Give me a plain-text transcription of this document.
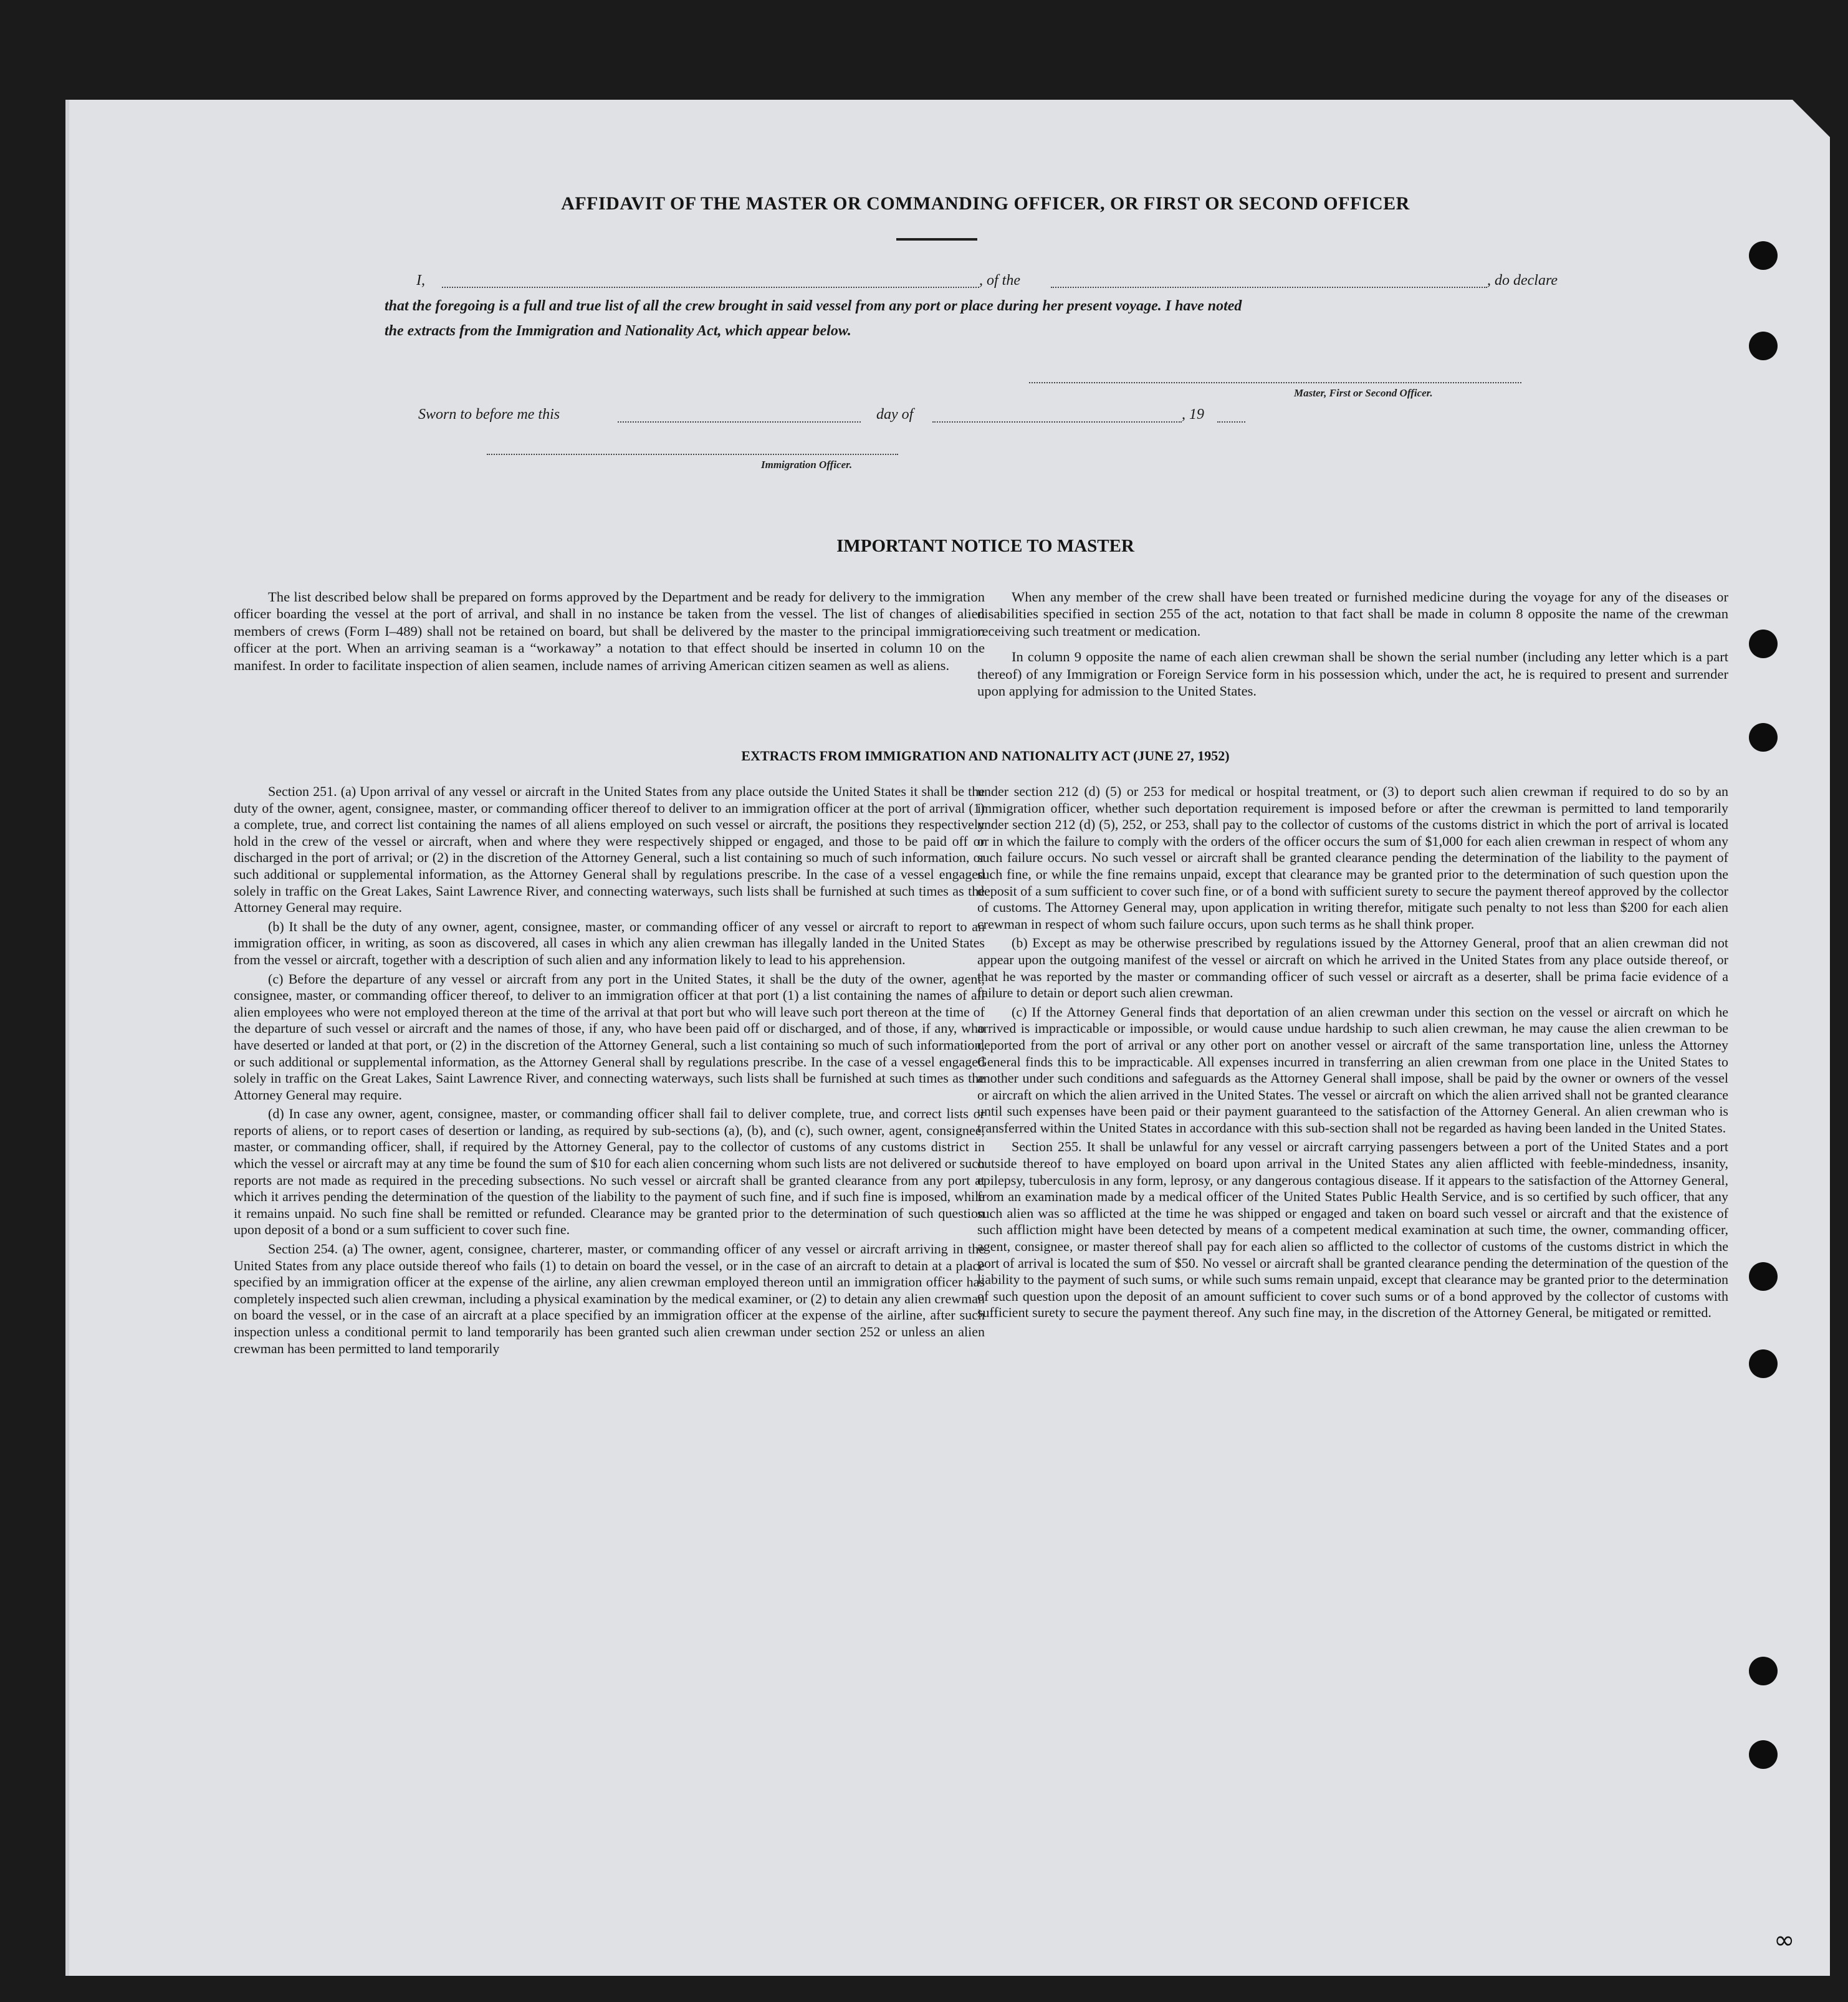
AFFIDAVIT OF THE MASTER OR COMMANDING OFFICER, OR FIRST OR SECOND OFFICER
I,	, of the	, do declare
that the foregoing is a full and true list of all the crew brought in said vessel from any port or place during her present voyage. I have noted
the extracts from the Immigration and Nationality Act, which appear below.
Master, First or Second Officer.
Sworn to before me this	day of	, 19
Immigration Officer.
IMPORTANT NOTICE TO MASTER

The list described below shall be prepared on forms approved by the Department and be ready for delivery to the immigration officer boarding the vessel at the port of arrival, and shall in no instance be taken from the vessel. The list of changes of alien members of crews (Form I–489) shall not be retained on board, but shall be delivered by the master to the principal immigration officer at the port. When an arriving seaman is a “workaway” a notation to that effect should be inserted in column 10 on the manifest. In order to facilitate inspection of alien seamen, include names of arriving American citizen seamen as well as aliens.

When any member of the crew shall have been treated or furnished medicine during the voyage for any of the diseases or disabilities specified in section 255 of the act, notation to that fact shall be made in column 8 opposite the name of the crewman receiving such treatment or medication.

In column 9 opposite the name of each alien crewman shall be shown the serial number (including any letter which is a part thereof) of any Immigration or Foreign Service form in his possession which, under the act, he is required to present and surrender upon applying for admission to the United States.

EXTRACTS FROM IMMIGRATION AND NATIONALITY ACT (JUNE 27, 1952)

Section 251. (a) Upon arrival of any vessel or aircraft in the United States from any place outside the United States it shall be the duty of the owner, agent, consignee, master, or commanding officer thereof to deliver to an immigration officer at the port of arrival (1) a complete, true, and correct list containing the names of all aliens employed on such vessel or aircraft, the positions they respectively hold in the crew of the vessel or aircraft, when and where they were respectively shipped or engaged, and those to be paid off or discharged in the port of arrival; or (2) in the discretion of the Attorney General, such a list containing so much of such information, or such additional or supplemental information, as the Attorney General shall by regulations prescribe. In the case of a vessel engaged solely in traffic on the Great Lakes, Saint Lawrence River, and connecting waterways, such lists shall be furnished at such times as the Attorney General may require.

(b) It shall be the duty of any owner, agent, consignee, master, or commanding officer of any vessel or aircraft to report to an immigration officer, in writing, as soon as discovered, all cases in which any alien crewman has illegally landed in the United States from the vessel or aircraft, together with a description of such alien and any information likely to lead to his apprehension.

(c) Before the departure of any vessel or aircraft from any port in the United States, it shall be the duty of the owner, agent, consignee, master, or commanding officer thereof, to deliver to an immigration officer at that port (1) a list containing the names of all alien employees who were not employed thereon at the time of the arrival at that port but who will leave such port thereon at the time of the departure of such vessel or aircraft and the names of those, if any, who have been paid off or discharged, and of those, if any, who have deserted or landed at that port, or (2) in the discretion of the Attorney General, such a list containing so much of such information, or such additional or supplemental information, as the Attorney General shall by regulations prescribe. In the case of a vessel engaged solely in traffic on the Great Lakes, Saint Lawrence River, and connecting waterways, such lists shall be furnished at such times as the Attorney General may require.

(d) In case any owner, agent, consignee, master, or commanding officer shall fail to deliver complete, true, and correct lists or reports of aliens, or to report cases of desertion or landing, as required by sub-sections (a), (b), and (c), such owner, agent, consignee, master, or commanding officer, shall, if required by the Attorney General, pay to the collector of customs of any customs district in which the vessel or aircraft may at any time be found the sum of $10 for each alien concerning whom such lists are not delivered or such reports are not made as required in the preceding subsections. No such vessel or aircraft shall be granted clearance from any port at which it arrives pending the determination of the question of the liability to the payment of such fine, and if such fine is imposed, while it remains unpaid. No such fine shall be remitted or refunded. Clearance may be granted prior to the determination of such question upon deposit of a bond or a sum sufficient to cover such fine.

Section 254. (a) The owner, agent, consignee, charterer, master, or commanding officer of any vessel or aircraft arriving in the United States from any place outside thereof who fails (1) to detain on board the vessel, or in the case of an aircraft to detain at a place specified by an immigration officer at the expense of the airline, any alien crewman employed thereon until an immigration officer has completely inspected such alien crewman, including a physical examination by the medical examiner, or (2) to detain any alien crewman on board the vessel, or in the case of an aircraft at a place specified by an immigration officer at the expense of the airline, after such inspection unless a conditional permit to land temporarily has been granted such alien crewman under section 252 or unless an alien crewman has been permitted to land temporarily

under section 212 (d) (5) or 253 for medical or hospital treatment, or (3) to deport such alien crewman if required to do so by an immigration officer, whether such deportation requirement is imposed before or after the crewman is permitted to land temporarily under section 212 (d) (5), 252, or 253, shall pay to the collector of customs of the customs district in which the port of arrival is located or in which the failure to comply with the orders of the officer occurs the sum of $1,000 for each alien crewman in respect of whom any such failure occurs. No such vessel or aircraft shall be granted clearance pending the determination of the liability to the payment of such fine, or while the fine remains unpaid, except that clearance may be granted prior to the determination of such question upon the deposit of a sum sufficient to cover such fine, or of a bond with sufficient surety to secure the payment thereof approved by the collector of customs. The Attorney General may, upon application in writing therefor, mitigate such penalty to not less than $200 for each alien crewman in respect of whom such failure occurs, upon such terms as he shall think proper.

(b) Except as may be otherwise prescribed by regulations issued by the Attorney General, proof that an alien crewman did not appear upon the outgoing manifest of the vessel or aircraft on which he arrived in the United States from any place outside thereof, or that he was reported by the master or commanding officer of such vessel or aircraft as a deserter, shall be prima facie evidence of a failure to detain or deport such alien crewman.

(c) If the Attorney General finds that deportation of an alien crewman under this section on the vessel or aircraft on which he arrived is impracticable or impossible, or would cause undue hardship to such alien crewman, he may cause the alien crewman to be deported from the port of arrival or any other port on another vessel or aircraft of the same transportation line, unless the Attorney General finds this to be impracticable. All expenses incurred in transferring an alien crewman from one place in the United States to another under such conditions and safeguards as the Attorney General shall impose, shall be paid by the owner or owners of the vessel or aircraft on which the alien arrived in the United States. The vessel or aircraft on which the alien arrived shall not be granted clearance until such expenses have been paid or their payment guaranteed to the satisfaction of the Attorney General. An alien crewman who is transferred within the United States in accordance with this sub-section shall not be regarded as having been landed in the United States.

Section 255. It shall be unlawful for any vessel or aircraft carrying passengers between a port of the United States and a port outside thereof to have employed on board upon arrival in the United States any alien afflicted with feeble-mindedness, insanity, epilepsy, tuberculosis in any form, leprosy, or any dangerous contagious disease. If it appears to the satisfaction of the Attorney General, from an examination made by a medical officer of the United States Public Health Service, and is so certified by such officer, that any such alien was so afflicted at the time he was shipped or engaged and taken on board such vessel or aircraft and that the existence of such affliction might have been detected by means of a competent medical examination at such time, the owner, commanding officer, agent, consignee, or master thereof shall pay for each alien so afflicted to the collector of customs of the customs district in which the port of arrival is located the sum of $50. No vessel or aircraft shall be granted clearance pending the determination of the question of the liability to the payment of such sums, or while such sums remain unpaid, except that clearance may be granted prior to the determination of such question upon the deposit of an amount sufficient to cover such sums or of a bond approved by the collector of customs with sufficient surety to secure the payment thereof. Any such fine may, in the discretion of the Attorney General, be mitigated or remitted.

∞
